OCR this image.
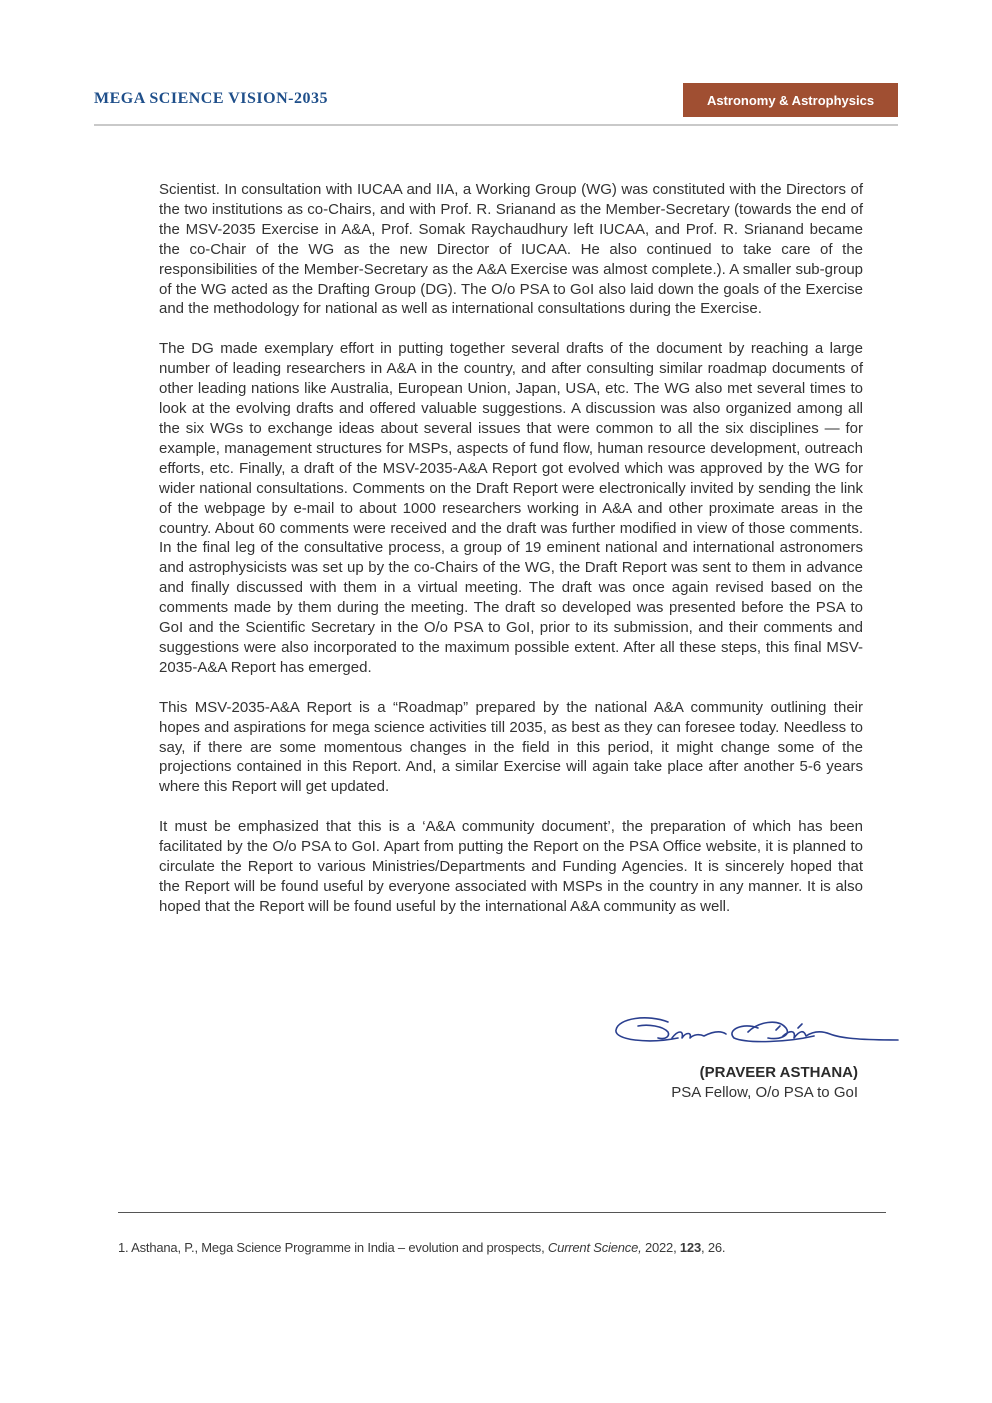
MEGA SCIENCE VISION-2035	Astronomy & Astrophysics

Scientist. In consultation with IUCAA and IIA, a Working Group (WG) was constituted with the Directors of the two institutions as co-Chairs, and with Prof. R. Srianand as the Member-Secretary (towards the end of the MSV-2035 Exercise in A&A, Prof. Somak Raychaudhury left IUCAA, and Prof. R. Srianand became the co-Chair of the WG as the new Director of IUCAA. He also continued to take care of the responsibilities of the Member-Secretary as the A&A Exercise was almost complete.). A smaller sub-group of the WG acted as the Drafting Group (DG). The O/o PSA to GoI also laid down the goals of the Exercise and the methodology for national as well as international consultations during the Exercise.

The DG made exemplary effort in putting together several drafts of the document by reaching a large number of leading researchers in A&A in the country, and after consulting similar roadmap documents of other leading nations like Australia, European Union, Japan, USA, etc. The WG also met several times to look at the evolving drafts and offered valuable suggestions. A discussion was also organized among all the six WGs to exchange ideas about several issues that were common to all the six disciplines — for example, management structures for MSPs, aspects of fund flow, human resource development, outreach efforts, etc. Finally, a draft of the MSV-2035-A&A Report got evolved which was approved by the WG for wider national consultations. Comments on the Draft Report were electronically invited by sending the link of the webpage by e-mail to about 1000 researchers working in A&A and other proximate areas in the country. About 60 comments were received and the draft was further modified in view of those comments. In the final leg of the consultative process, a group of 19 eminent national and international astronomers and astrophysicists was set up by the co-Chairs of the WG, the Draft Report was sent to them in advance and finally discussed with them in a virtual meeting. The draft was once again revised based on the comments made by them during the meeting. The draft so developed was presented before the PSA to GoI and the Scientific Secretary in the O/o PSA to GoI, prior to its submission, and their comments and suggestions were also incorporated to the maximum possible extent. After all these steps, this final MSV-2035-A&A Report has emerged.

This MSV-2035-A&A Report is a “Roadmap” prepared by the national A&A community outlining their hopes and aspirations for mega science activities till 2035, as best as they can foresee today. Needless to say, if there are some momentous changes in the field in this period, it might change some of the projections contained in this Report. And, a similar Exercise will again take place after another 5-6 years where this Report will get updated.

It must be emphasized that this is a ‘A&A community document’, the preparation of which has been facilitated by the O/o PSA to GoI. Apart from putting the Report on the PSA Office website, it is planned to circulate the Report to various Ministries/Departments and Funding Agencies. It is sincerely hoped that the Report will be found useful by everyone associated with MSPs in the country in any manner. It is also hoped that the Report will be found useful by the international A&A community as well.

(PRAVEER ASTHANA)
PSA Fellow, O/o PSA to GoI
1. Asthana, P., Mega Science Programme in India – evolution and prospects, Current Science, 2022, 123, 26.
